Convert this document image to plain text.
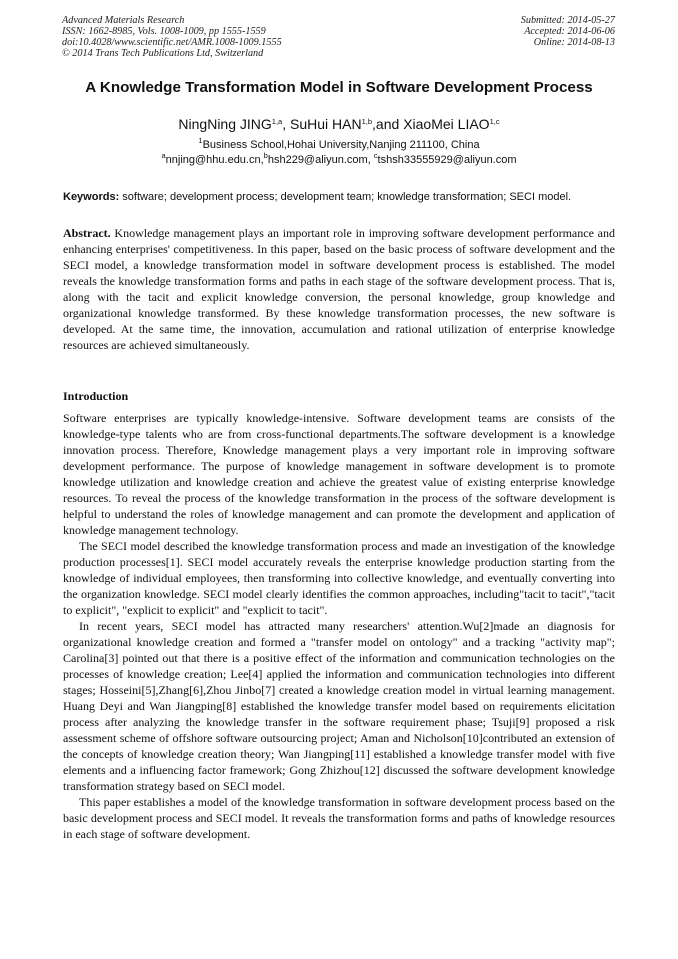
Advanced Materials Research
ISSN: 1662-8985, Vols. 1008-1009, pp 1555-1559
doi:10.4028/www.scientific.net/AMR.1008-1009.1555
© 2014 Trans Tech Publications Ltd, Switzerland
Submitted: 2014-05-27
Accepted: 2014-06-06
Online: 2014-08-13
A Knowledge Transformation Model in Software Development Process
NingNing JING$^{1,a}$, SuHui HAN$^{1,b}$,and XiaoMei LIAO$^{1,c}$
$^1$Business School,Hohai University,Nanjing 211100, China
$^a$nnjing@hhu.edu.cn,$^b$hsh229@aliyun.com, $^c$tshsh33555929@aliyun.com
Keywords: software; development process; development team; knowledge transformation; SECI model.
Abstract. Knowledge management plays an important role in improving software development performance and enhancing enterprises' competitiveness. In this paper, based on the basic process of software development and the SECI model, a knowledge transformation model in software development process is established. The model reveals the knowledge transformation forms and paths in each stage of the software development process. That is, along with the tacit and explicit knowledge conversion, the personal knowledge, group knowledge and organizational knowledge transformed. By these knowledge transformation processes, the new software is developed. At the same time, the innovation, accumulation and rational utilization of enterprise knowledge resources are achieved simultaneously.
Introduction

Software enterprises are typically knowledge-intensive. Software development teams are consists of the knowledge-type talents who are from cross-functional departments.The software development is a knowledge innovation process. Therefore, Knowledge management plays a very important role in improving software development performance. The purpose of knowledge management in software development is to promote knowledge utilization and knowledge creation and achieve the greatest value of existing enterprise knowledge resources. To reveal the process of the knowledge transformation in the process of the software development is helpful to understand the roles of knowledge management and can promote the development and application of knowledge management technology.

The SECI model described the knowledge transformation process and made an investigation of the knowledge production processes[1]. SECI model accurately reveals the enterprise knowledge production starting from the knowledge of individual employees, then transforming into collective knowledge, and eventually converting into the organization knowledge. SECI model clearly identifies the common approaches, including"tacit to tacit","tacit to explicit", "explicit to explicit" and "explicit to tacit".

In recent years, SECI model has attracted many researchers' attention.Wu[2]made an diagnosis for organizational knowledge creation and formed a "transfer model on ontology" and a tracking "activity map"; Carolina[3] pointed out that there is a positive effect of the information and communication technologies on the processes of knowledge creation; Lee[4] applied the information and communication technologies into different stages; Hosseini[5],Zhang[6],Zhou Jinbo[7] created a knowledge creation model in virtual learning management. Huang Deyi and Wan Jiangping[8] established the knowledge transfer model based on requirements elicitation process after analyzing the knowledge transfer in the software requirement phase; Tsuji[9] proposed a risk assessment scheme of offshore software outsourcing project; Aman and Nicholson[10]contributed an extension of the concepts of knowledge creation theory; Wan Jiangping[11] established a knowledge transfer model with five elements and a influencing factor framework; Gong Zhizhou[12] discussed the software development knowledge transformation strategy based on SECI model.

This paper establishes a model of the knowledge transformation in software development process based on the basic development process and SECI model. It reveals the transformation forms and paths of knowledge resources in each stage of software development.
